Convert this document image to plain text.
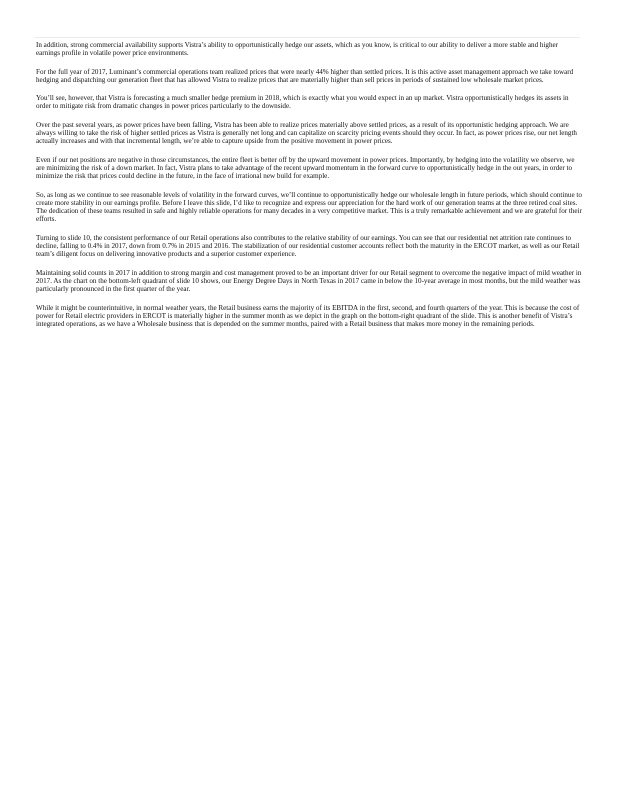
In addition, strong commercial availability supports Vistra’s ability to opportunistically hedge our assets, which as you know, is critical to our ability to deliver a more stable and higher earnings profile in volatile power price environments.

For the full year of 2017, Luminant’s commercial operations team realized prices that were nearly 44% higher than settled prices. It is this active asset management approach we take toward hedging and dispatching our generation fleet that has allowed Vistra to realize prices that are materially higher than sell prices in periods of sustained low wholesale market prices.

You’ll see, however, that Vistra is forecasting a much smaller hedge premium in 2018, which is exactly what you would expect in an up market. Vistra opportunistically hedges its assets in order to mitigate risk from dramatic changes in power prices particularly to the downside.

Over the past several years, as power prices have been falling, Vistra has been able to realize prices materially above settled prices, as a result of its opportunistic hedging approach. We are always willing to take the risk of higher settled prices as Vistra is generally net long and can capitalize on scarcity pricing events should they occur. In fact, as power prices rise, our net length actually increases and with that incremental length, we’re able to capture upside from the positive movement in power prices.

Even if our net positions are negative in those circumstances, the entire fleet is better off by the upward movement in power prices. Importantly, by hedging into the volatility we observe, we are minimizing the risk of a down market. In fact, Vistra plans to take advantage of the recent upward momentum in the forward curve to opportunistically hedge in the out years, in order to minimize the risk that prices could decline in the future, in the face of irrational new build for example.

So, as long as we continue to see reasonable levels of volatility in the forward curves, we’ll continue to opportunistically hedge our wholesale length in future periods, which should continue to create more stability in our earnings profile. Before I leave this slide, I’d like to recognize and express our appreciation for the hard work of our generation teams at the three retired coal sites. The dedication of these teams resulted in safe and highly reliable operations for many decades in a very competitive market. This is a truly remarkable achievement and we are grateful for their efforts.

Turning to slide 10, the consistent performance of our Retail operations also contributes to the relative stability of our earnings. You can see that our residential net attrition rate continues to decline, falling to 0.4% in 2017, down from 0.7% in 2015 and 2016. The stabilization of our residential customer accounts reflect both the maturity in the ERCOT market, as well as our Retail team’s diligent focus on delivering innovative products and a superior customer experience.

Maintaining solid counts in 2017 in addition to strong margin and cost management proved to be an important driver for our Retail segment to overcome the negative impact of mild weather in 2017. As the chart on the bottom-left quadrant of slide 10 shows, our Energy Degree Days in North Texas in 2017 came in below the 10-year average in most months, but the mild weather was particularly pronounced in the first quarter of the year.

While it might be counterintuitive, in normal weather years, the Retail business earns the majority of its EBITDA in the first, second, and fourth quarters of the year. This is because the cost of power for Retail electric providers in ERCOT is materially higher in the summer month as we depict in the graph on the bottom-right quadrant of the slide. This is another benefit of Vistra’s integrated operations, as we have a Wholesale business that is depended on the summer months, paired with a Retail business that makes more money in the remaining periods.
